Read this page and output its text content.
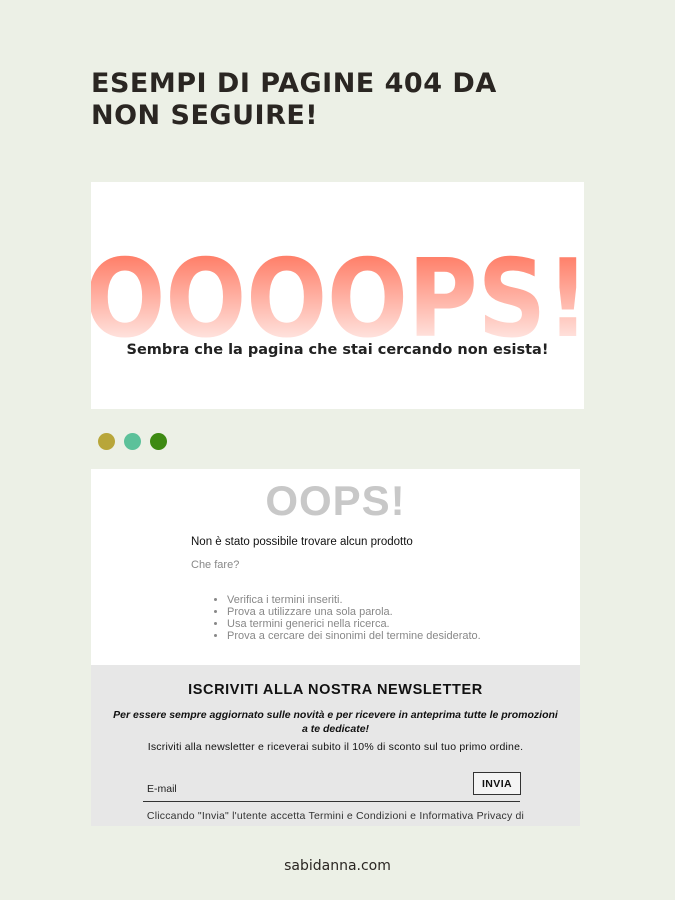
ESEMPI DI PAGINE 404 DA NON SEGUIRE!
OOOOPS!
Sembra che la pagina che stai cercando non esista!
OOPS!
Non è stato possibile trovare alcun prodotto
Che fare?
• Verifica i termini inseriti.
• Prova a utilizzare una sola parola.
• Usa termini generici nella ricerca.
• Prova a cercare dei sinonimi del termine desiderato.
ISCRIVITI ALLA NOSTRA NEWSLETTER
Per essere sempre aggiornato sulle novità e per ricevere in anteprima tutte le promozioni a te dedicate!
Iscriviti alla newsletter e riceverai subito il 10% di sconto sul tuo primo ordine.
E-mail
INVIA
Cliccando "Invia" l'utente accetta Termini e Condizioni e Informativa Privacy di
sabidanna.com
